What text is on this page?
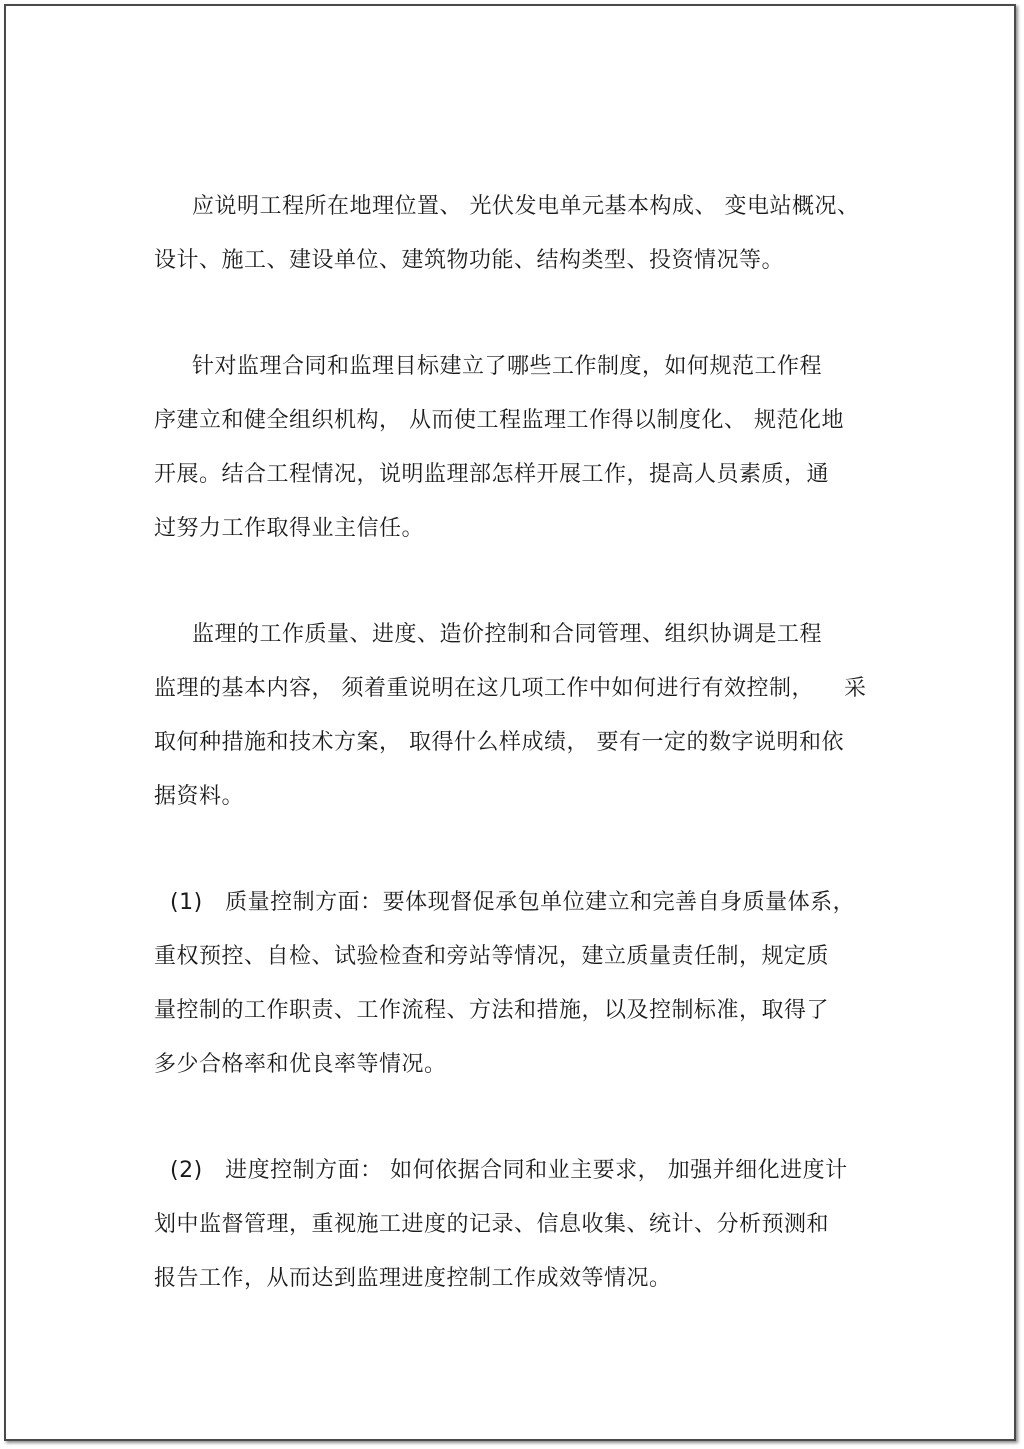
应说明工程所在地理位置、 光伏发电单元基本构成、 变电站概况、
设计、施工、建设单位、建筑物功能、结构类型、投资情况等。

针对监理合同和监理目标建立了哪些工作制度，如何规范工作程
序建立和健全组织机构， 从而使工程监理工作得以制度化、 规范化地
开展。结合工程情况，说明监理部怎样开展工作，提高人员素质，通
过努力工作取得业主信任。

监理的工作质量、进度、造价控制和合同管理、组织协调是工程
监理的基本内容， 须着重说明在这几项工作中如何进行有效控制，    采
取何种措施和技术方案， 取得什么样成绩， 要有一定的数字说明和依
据资料。

(1)   质量控制方面：要体现督促承包单位建立和完善自身质量体系，
重权预控、自检、试验检查和旁站等情况，建立质量责任制，规定质
量控制的工作职责、工作流程、方法和措施，以及控制标准，取得了
多少合格率和优良率等情况。

(2)   进度控制方面： 如何依据合同和业主要求， 加强并细化进度计
划中监督管理，重视施工进度的记录、信息收集、统计、分析预测和
报告工作，从而达到监理进度控制工作成效等情况。
